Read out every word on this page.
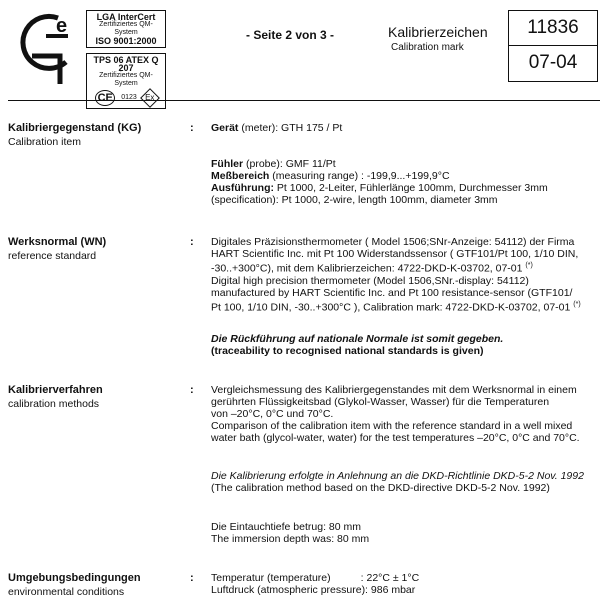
e	LGA InterCert
Zertifiziertes QM-System
ISO 9001:2000
TPS 06 ATEX Q 207
Zertifiziertes QM-System
CE	0123	Ex
- Seite 2 von 3 -	Kalibrierzeichen
Calibration mark
11836
07-04
Kalibriergegenstand (KG)
Calibration item
: Gerät (meter): GTH 175 / Pt
Fühler (probe): GMF 11/Pt
Meßbereich (measuring range) : -199,9...+199,9°C
Ausführung: Pt 1000, 2-Leiter, Fühlerlänge 100mm, Durchmesser 3mm
(specification): Pt 1000, 2-wire, length 100mm, diameter 3mm
Werksnormal (WN)
reference standard
: Digitales Präzisionsthermometer ( Model 1506;SNr-Anzeige: 54112) der Firma
HART Scientific Inc. mit Pt 100 Widerstandssensor ( GTF101/Pt 100, 1/10 DIN,
-30..+300°C), mit dem Kalibrierzeichen: 4722-DKD-K-03702, 07-01 (*)
Digital high precision thermometer (Model 1506,SNr.-display: 54112)
manufactured by HART Scientific Inc. and Pt 100 resistance-sensor (GTF101/
Pt 100, 1/10 DIN, -30..+300°C ), Calibration mark: 4722-DKD-K-03702, 07-01 (*)
Die Rückführung auf nationale Normale ist somit gegeben.
(traceability to recognised national standards is given)
Kalibrierverfahren
calibration methods
: Vergleichsmessung des Kalibriergegenstandes mit dem Werksnormal in einem
gerührten Flüssigkeitsbad (Glykol-Wasser, Wasser) für die Temperaturen
von –20°C, 0°C und 70°C.
Comparison of the calibration item with the reference standard in a well mixed
water bath (glycol-water, water) for the test temperatures –20°C, 0°C and 70°C.
Die Kalibrierung erfolgte in Anlehnung an die DKD-Richtlinie DKD-5-2 Nov. 1992
(The calibration method based on the DKD-directive DKD-5-2 Nov. 1992)
Die Eintauchtiefe betrug: 80 mm
The immersion depth was: 80 mm
Umgebungsbedingungen
environmental conditions
: Temperatur (temperature)	: 22°C ± 1°C
Luftdruck (atmospheric pressure): 986 mbar
